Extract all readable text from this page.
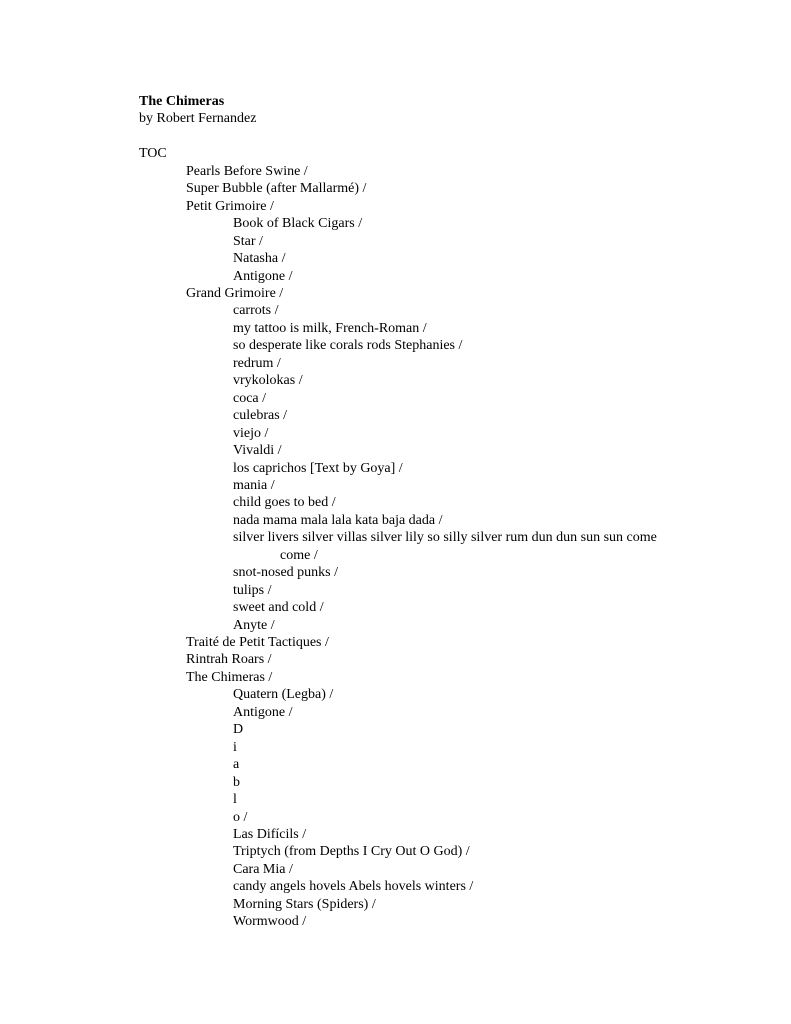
The Chimeras
by Robert Fernandez
TOC
Pearls Before Swine /
Super Bubble (after Mallarmé) /
Petit Grimoire /
Book of Black Cigars /
Star /
Natasha /
Antigone /
Grand Grimoire /
carrots /
my tattoo is milk, French-Roman /
so desperate like corals rods Stephanies /
redrum /
vrykolokas /
coca /
culebras /
viejo /
Vivaldi /
los caprichos [Text by Goya] /
mania /
child goes to bed /
nada mama mala lala kata baja dada /
silver livers silver villas silver lily so silly silver rum dun dun sun sun come
come /
snot-nosed punks /
tulips /
sweet and cold /
Anyte /
Traité de Petit Tactiques /
Rintrah Roars /
The Chimeras /
Quatern (Legba) /
Antigone /
D
i
a
b
l
o /
Las Difícils /
Triptych (from Depths I Cry Out O God) /
Cara Mia /
candy angels hovels Abels hovels winters /
Morning Stars (Spiders) /
Wormwood /
